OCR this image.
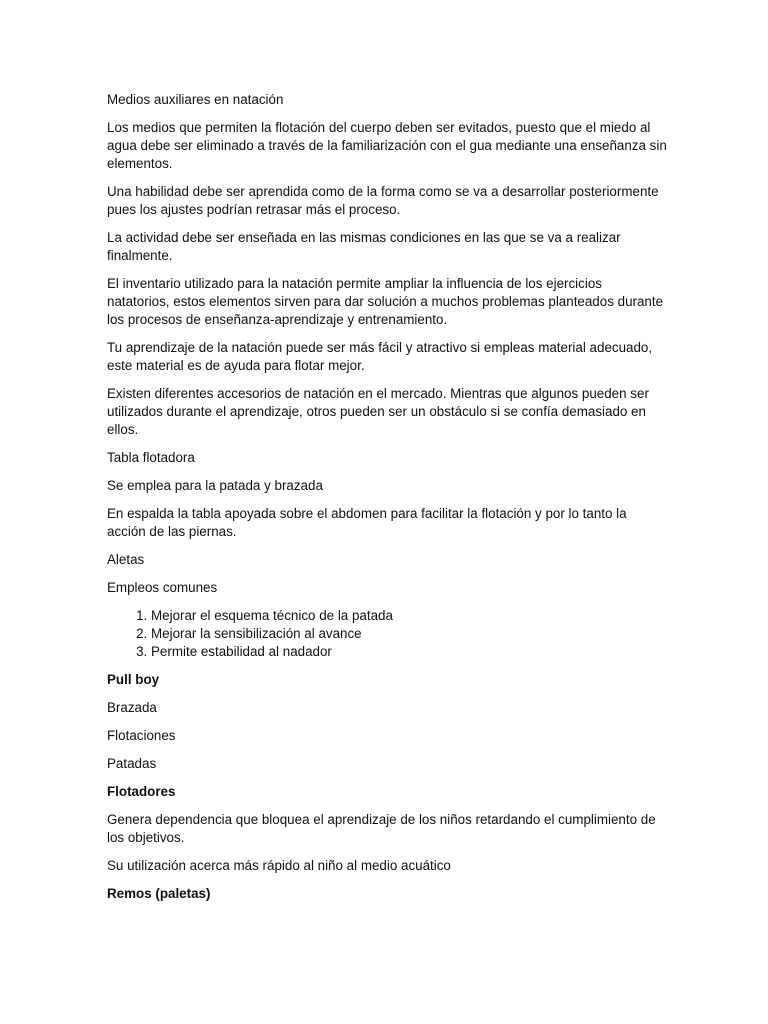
Medios auxiliares en natación

Los medios que permiten la flotación del cuerpo deben ser evitados, puesto que el miedo al agua debe ser eliminado a través de la familiarización con el gua mediante una enseñanza sin elementos.

Una habilidad debe ser aprendida como de la forma como se va a desarrollar posteriormente pues los ajustes podrían retrasar más el proceso.

La actividad debe ser enseñada en las mismas condiciones en las que se va a realizar finalmente.

El inventario utilizado para la natación permite ampliar la influencia de los ejercicios natatorios, estos elementos sirven para dar solución a muchos problemas planteados durante los procesos de enseñanza-aprendizaje y entrenamiento.

Tu aprendizaje de la natación puede ser más fácil y atractivo si empleas material adecuado, este material es de ayuda para flotar mejor.

Existen diferentes accesorios de natación en el mercado. Mientras que algunos pueden ser utilizados durante el aprendizaje, otros pueden ser un obstáculo si se confía demasiado en ellos.

Tabla flotadora

Se emplea para la patada y brazada

En espalda la tabla apoyada sobre el abdomen para facilitar la flotación y por lo tanto la acción de las piernas.

Aletas

Empleos comunes

1. Mejorar el esquema técnico de la patada
2. Mejorar la sensibilización al avance
3. Permite estabilidad al nadador

Pull boy

Brazada

Flotaciones

Patadas

Flotadores

Genera dependencia que bloquea el aprendizaje de los niños retardando el cumplimiento de los objetivos.

Su utilización acerca más rápido al niño al medio acuático

Remos (paletas)
